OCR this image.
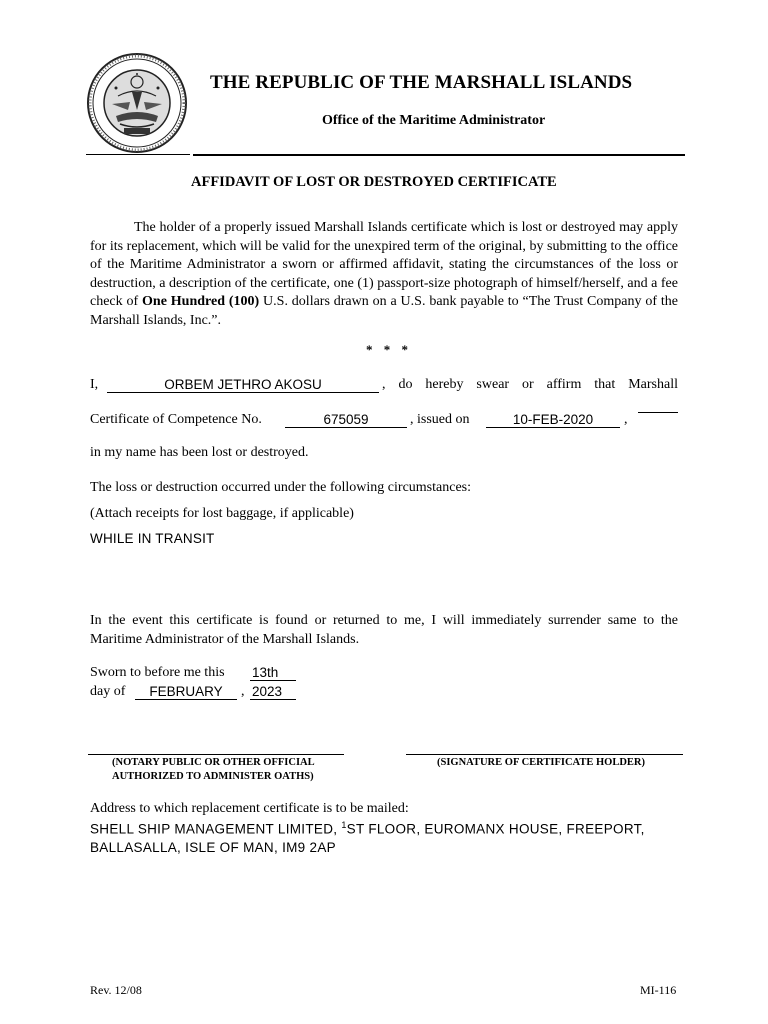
THE REPUBLIC OF THE MARSHALL ISLANDS
Office of the Maritime Administrator
AFFIDAVIT OF LOST OR DESTROYED CERTIFICATE
The holder of a properly issued Marshall Islands certificate which is lost or destroyed may apply for its replacement, which will be valid for the unexpired term of the original, by submitting to the office of the Maritime Administrator a sworn or affirmed affidavit, stating the circumstances of the loss or destruction, a description of the certificate, one (1) passport-size photograph of himself/herself, and a fee check of One Hundred (100) U.S. dollars drawn on a U.S. bank payable to “The Trust Company of the Marshall Islands, Inc.”.
* * *
I,	ORBEM JETHRO AKOSU	, do hereby swear or affirm that Marshall
Certificate of Competence No.	675059	, issued on	10-FEB-2020	,
in my name has been lost or destroyed.
The loss or destruction occurred under the following circumstances:
(Attach receipts for lost baggage, if applicable)
WHILE IN TRANSIT
In the event this certificate is found or returned to me, I will immediately surrender same to the Maritime Administrator of the Marshall Islands.
Sworn to before me this 13th
day of	FEBRUARY	, 2023
(NOTARY PUBLIC OR OTHER OFFICIAL
AUTHORIZED TO ADMINISTER OATHS)
(SIGNATURE OF CERTIFICATE HOLDER)
Address to which replacement certificate is to be mailed:
SHELL SHIP MANAGEMENT LIMITED, $^1$ST FLOOR, EUROMANX HOUSE, FREEPORT,
BALLASALLA, ISLE OF MAN, IM9 2AP
Rev. 12/08	MI-116
